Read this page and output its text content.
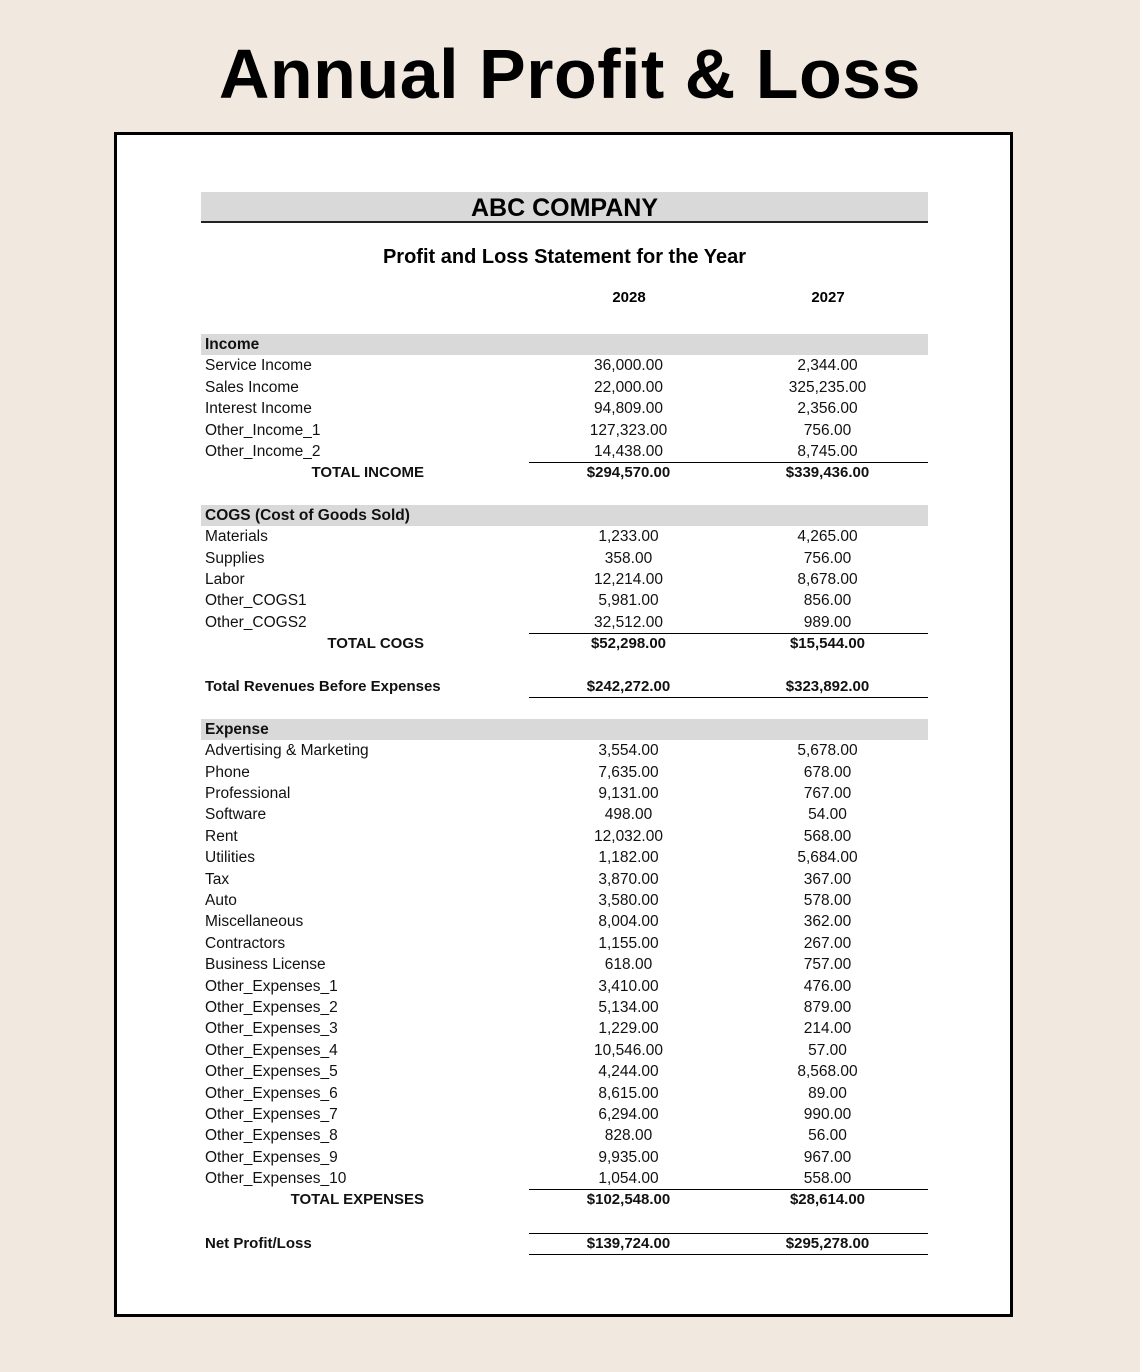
Annual Profit & Loss
ABC COMPANY
Profit and Loss Statement for the Year
2028	2027
Income
Service Income	36,000.00	2,344.00
Sales Income	22,000.00	325,235.00
Interest Income	94,809.00	2,356.00
Other_Income_1	127,323.00	756.00
Other_Income_2	14,438.00	8,745.00
TOTAL INCOME	$294,570.00	$339,436.00
COGS (Cost of Goods Sold)
Materials	1,233.00	4,265.00
Supplies	358.00	756.00
Labor	12,214.00	8,678.00
Other_COGS1	5,981.00	856.00
Other_COGS2	32,512.00	989.00
TOTAL COGS	$52,298.00	$15,544.00
Total Revenues Before Expenses	$242,272.00	$323,892.00
Expense
Advertising & Marketing	3,554.00	5,678.00
Phone	7,635.00	678.00
Professional	9,131.00	767.00
Software	498.00	54.00
Rent	12,032.00	568.00
Utilities	1,182.00	5,684.00
Tax	3,870.00	367.00
Auto	3,580.00	578.00
Miscellaneous	8,004.00	362.00
Contractors	1,155.00	267.00
Business License	618.00	757.00
Other_Expenses_1	3,410.00	476.00
Other_Expenses_2	5,134.00	879.00
Other_Expenses_3	1,229.00	214.00
Other_Expenses_4	10,546.00	57.00
Other_Expenses_5	4,244.00	8,568.00
Other_Expenses_6	8,615.00	89.00
Other_Expenses_7	6,294.00	990.00
Other_Expenses_8	828.00	56.00
Other_Expenses_9	9,935.00	967.00
Other_Expenses_10	1,054.00	558.00
TOTAL EXPENSES	$102,548.00	$28,614.00
Net Profit/Loss	$139,724.00	$295,278.00
